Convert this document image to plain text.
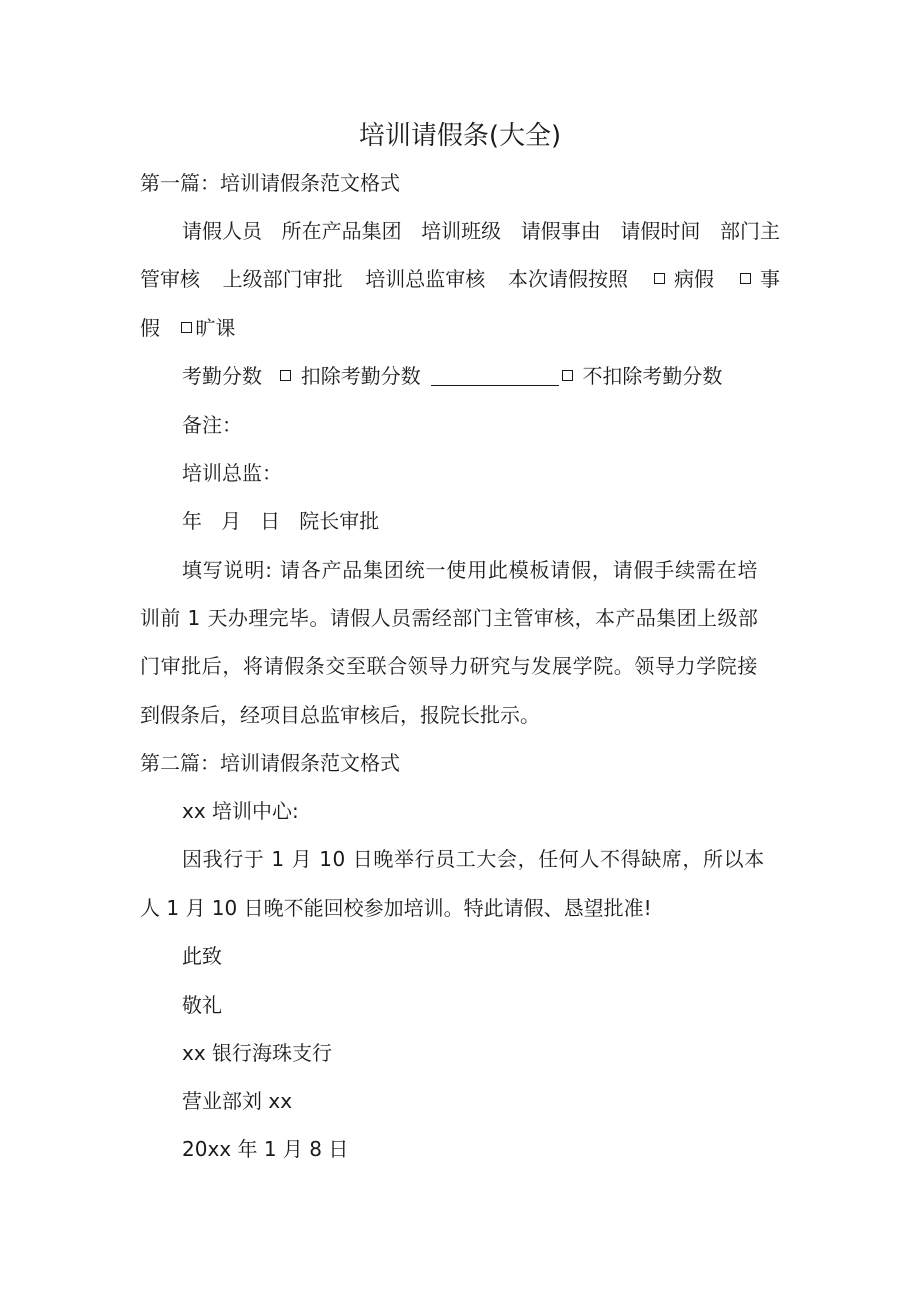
培训请假条(大全)
第一篇：培训请假条范文格式
请假人员 所在产品集团 培训班级 请假事由 请假时间 部门主
管审核 上级部门审批 培训总监审核 本次请假按照	病假	事
假 旷课
考勤分数 扣除考勤分数	不扣除考勤分数
备注：
培训总监：
年 月 日 院长审批
填写说明: 请各产品集团统一使用此模板请假，请假手续需在培
训前 1 天办理完毕。请假人员需经部门主管审核，本产品集团上级部
门审批后，将请假条交至联合领导力研究与发展学院。领导力学院接
到假条后，经项目总监审核后，报院长批示。
第二篇：培训请假条范文格式
xx 培训中心:
因我行于 1 月 10 日晚举行员工大会，任何人不得缺席，所以本
人 1 月 10 日晚不能回校参加培训。特此请假、恳望批准!
此致
敬礼
xx 银行海珠支行
营业部刘 xx
20xx 年 1 月 8 日
